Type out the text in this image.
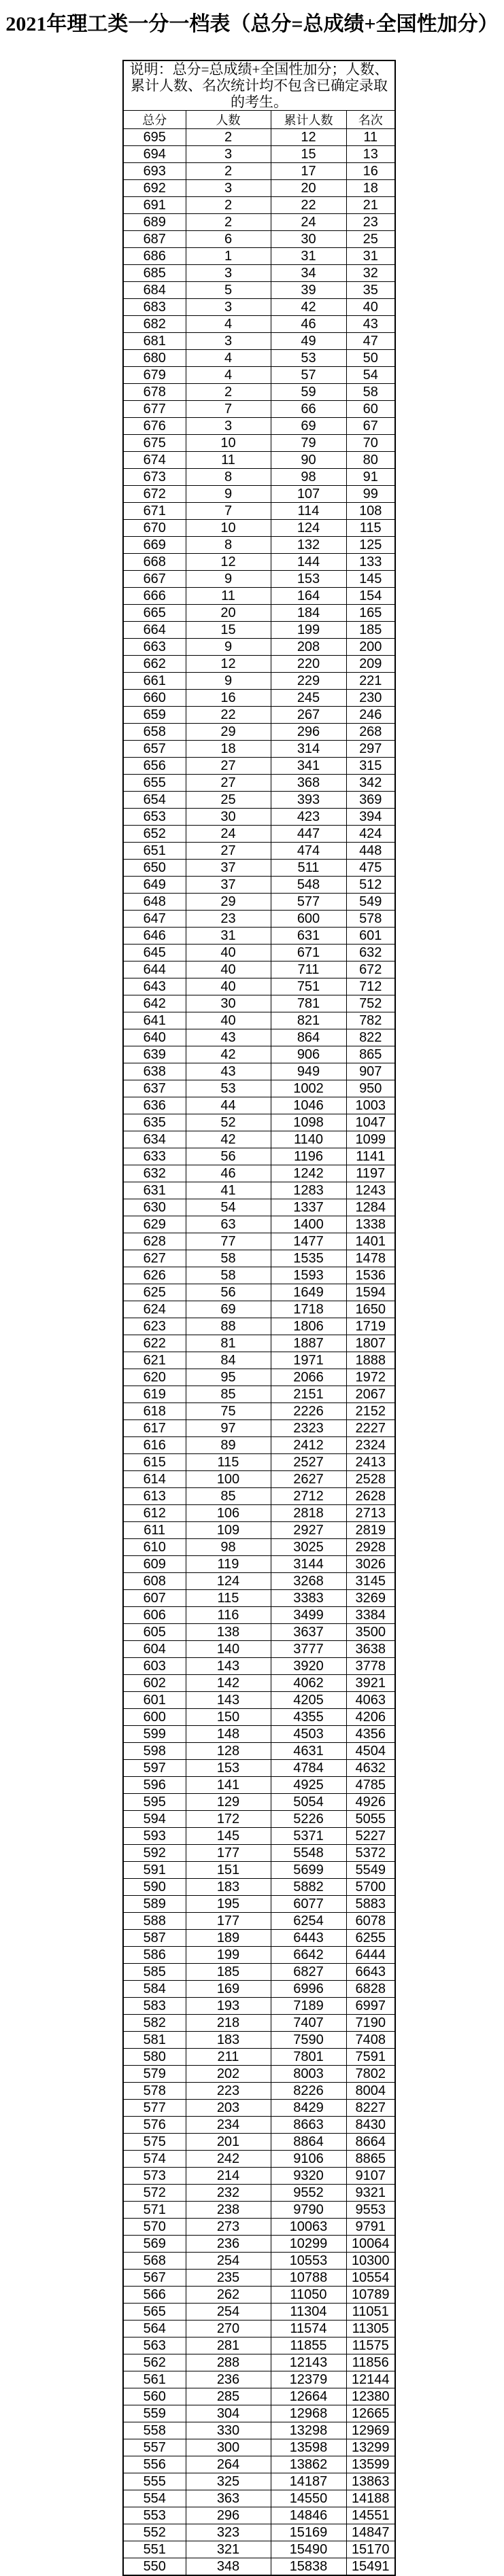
2021年理工类一分一档表（总分=总成绩+全国性加分）
说明：总分=总成绩+全国性加分；人数、累计人数、名次统计均不包含已确定录取的考生。			
总分	人数	累计人数	名次
695	2	12	11
694	3	15	13
693	2	17	16
692	3	20	18
691	2	22	21
689	2	24	23
687	6	30	25
686	1	31	31
685	3	34	32
684	5	39	35
683	3	42	40
682	4	46	43
681	3	49	47
680	4	53	50
679	4	57	54
678	2	59	58
677	7	66	60
676	3	69	67
675	10	79	70
674	11	90	80
673	8	98	91
672	9	107	99
671	7	114	108
670	10	124	115
669	8	132	125
668	12	144	133
667	9	153	145
666	11	164	154
665	20	184	165
664	15	199	185
663	9	208	200
662	12	220	209
661	9	229	221
660	16	245	230
659	22	267	246
658	29	296	268
657	18	314	297
656	27	341	315
655	27	368	342
654	25	393	369
653	30	423	394
652	24	447	424
651	27	474	448
650	37	511	475
649	37	548	512
648	29	577	549
647	23	600	578
646	31	631	601
645	40	671	632
644	40	711	672
643	40	751	712
642	30	781	752
641	40	821	782
640	43	864	822
639	42	906	865
638	43	949	907
637	53	1002	950
636	44	1046	1003
635	52	1098	1047
634	42	1140	1099
633	56	1196	1141
632	46	1242	1197
631	41	1283	1243
630	54	1337	1284
629	63	1400	1338
628	77	1477	1401
627	58	1535	1478
626	58	1593	1536
625	56	1649	1594
624	69	1718	1650
623	88	1806	1719
622	81	1887	1807
621	84	1971	1888
620	95	2066	1972
619	85	2151	2067
618	75	2226	2152
617	97	2323	2227
616	89	2412	2324
615	115	2527	2413
614	100	2627	2528
613	85	2712	2628
612	106	2818	2713
611	109	2927	2819
610	98	3025	2928
609	119	3144	3026
608	124	3268	3145
607	115	3383	3269
606	116	3499	3384
605	138	3637	3500
604	140	3777	3638
603	143	3920	3778
602	142	4062	3921
601	143	4205	4063
600	150	4355	4206
599	148	4503	4356
598	128	4631	4504
597	153	4784	4632
596	141	4925	4785
595	129	5054	4926
594	172	5226	5055
593	145	5371	5227
592	177	5548	5372
591	151	5699	5549
590	183	5882	5700
589	195	6077	5883
588	177	6254	6078
587	189	6443	6255
586	199	6642	6444
585	185	6827	6643
584	169	6996	6828
583	193	7189	6997
582	218	7407	7190
581	183	7590	7408
580	211	7801	7591
579	202	8003	7802
578	223	8226	8004
577	203	8429	8227
576	234	8663	8430
575	201	8864	8664
574	242	9106	8865
573	214	9320	9107
572	232	9552	9321
571	238	9790	9553
570	273	10063	9791
569	236	10299	10064
568	254	10553	10300
567	235	10788	10554
566	262	11050	10789
565	254	11304	11051
564	270	11574	11305
563	281	11855	11575
562	288	12143	11856
561	236	12379	12144
560	285	12664	12380
559	304	12968	12665
558	330	13298	12969
557	300	13598	13299
556	264	13862	13599
555	325	14187	13863
554	363	14550	14188
553	296	14846	14551
552	323	15169	14847
551	321	15490	15170
550	348	15838	15491
